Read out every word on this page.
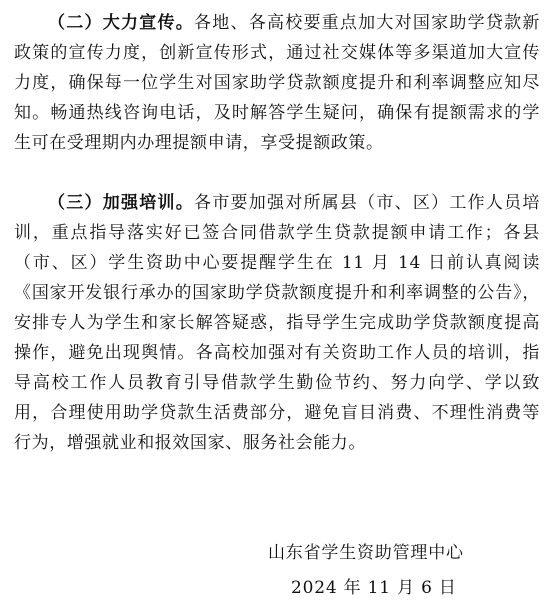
（二）大力宣传。各地、各高校要重点加大对国家助学贷款新政策的宣传力度，创新宣传形式，通过社交媒体等多渠道加大宣传力度，确保每一位学生对国家助学贷款额度提升和利率调整应知尽知。畅通热线咨询电话，及时解答学生疑问，确保有提额需求的学生可在受理期内办理提额申请，享受提额政策。

（三）加强培训。各市要加强对所属县（市、区）工作人员培训，重点指导落实好已签合同借款学生贷款提额申请工作；各县（市、区）学生资助中心要提醒学生在 11 月 14 日前认真阅读《国家开发银行承办的国家助学贷款额度提升和利率调整的公告》，安排专人为学生和家长解答疑惑，指导学生完成助学贷款额度提高操作，避免出现舆情。各高校加强对有关资助工作人员的培训，指导高校工作人员教育引导借款学生勤俭节约、努力向学、学以致用，合理使用助学贷款生活费部分，避免盲目消费、不理性消费等行为，增强就业和报效国家、服务社会能力。

山东省学生资助管理中心

2024 年 11 月 6 日
